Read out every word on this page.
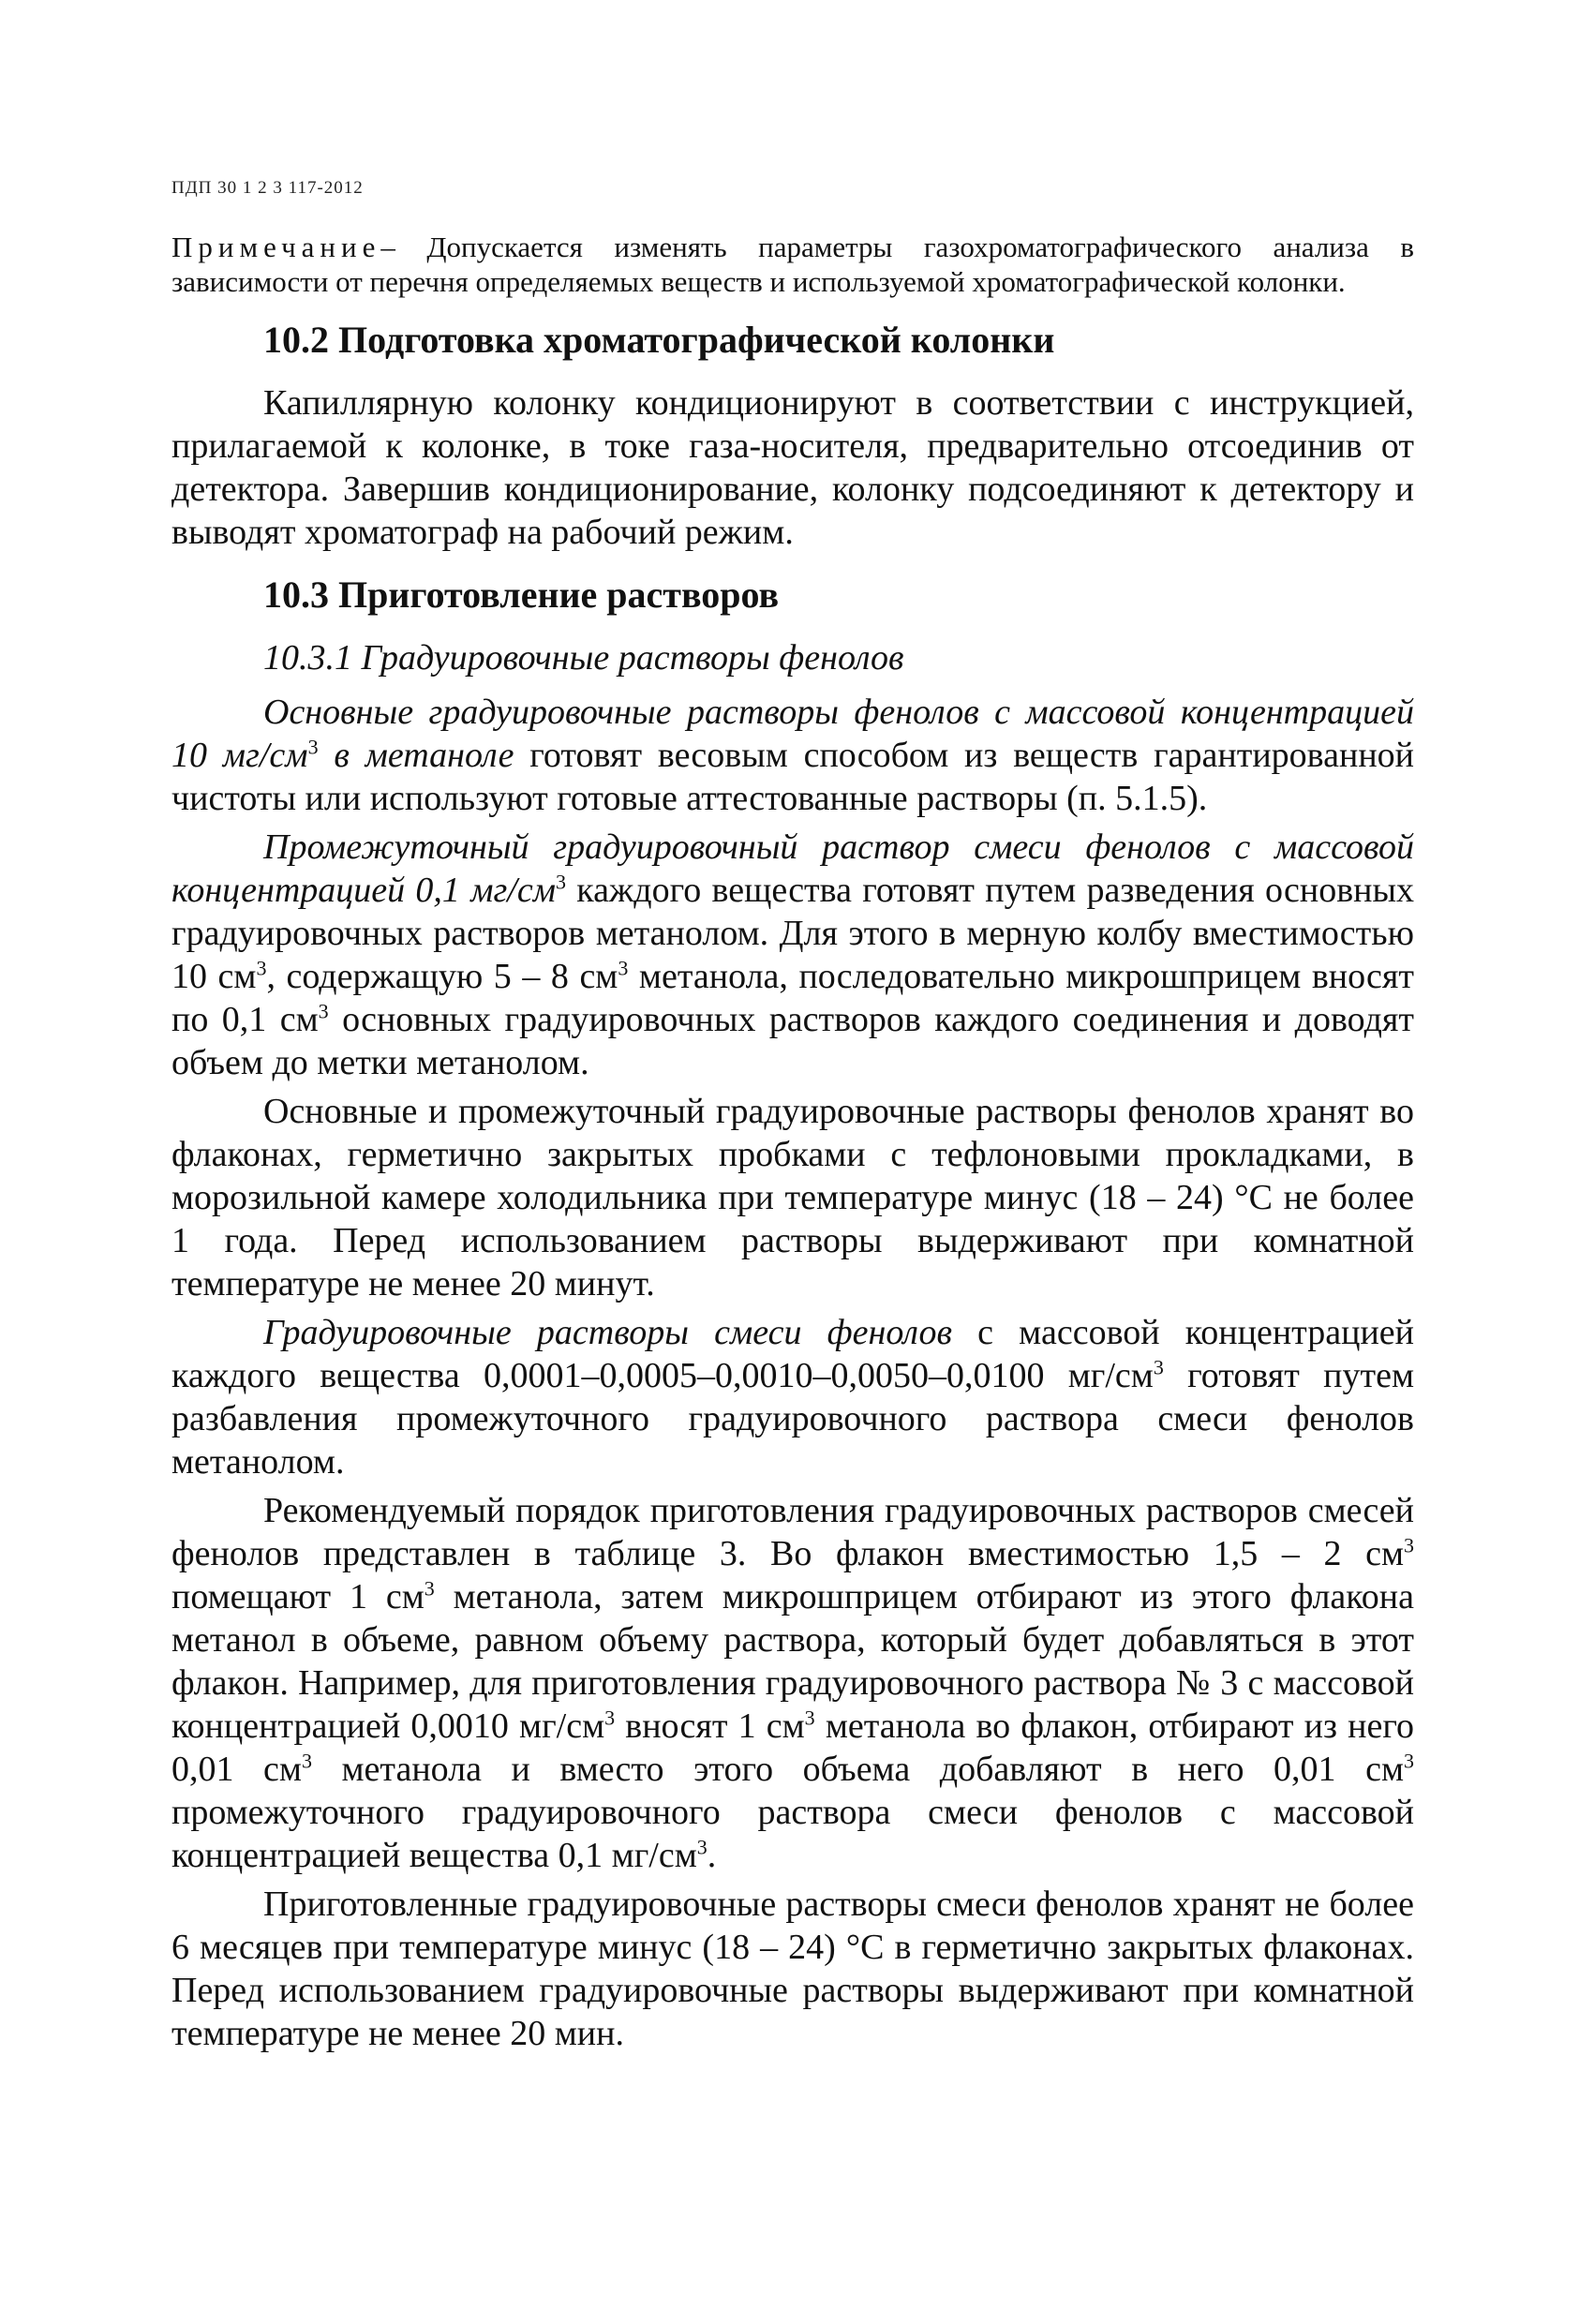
ПДП 30 1 2 3 117-2012

Примечание– Допускается изменять параметры газохроматографического анализа в зависимости от перечня определяемых веществ и используемой хроматографической колонки.

10.2 Подготовка хроматографической колонки

Капиллярную колонку кондиционируют в соответствии с инструкцией, прилагаемой к колонке, в токе газа-носителя, предварительно отсоединив от детектора. Завершив кондиционирование, колонку подсоединяют к детектору и выводят хроматограф на рабочий режим.

10.3 Приготовление растворов
10.3.1 Градуировочные растворы фенолов

Основные градуировочные растворы фенолов с массовой концентрацией 10 $мг/см^3$ в метаноле готовят весовым способом из веществ гарантированной чистоты или используют готовые аттестованные растворы (п. 5.1.5).

Промежуточный градуировочный раствор смеси фенолов с массовой концентрацией 0,1 $мг/см^3$ каждого вещества готовят путем разведения основных градуировочных растворов метанолом. Для этого в мерную колбу вместимостью 10 $см^3$, содержащую 5 – 8 $см^3$ метанола, последовательно микрошприцем вносят по 0,1 $см^3$ основных градуировочных растворов каждого соединения и доводят объем до метки метанолом.

Основные и промежуточный градуировочные растворы фенолов хранят во флаконах, герметично закрытых пробками с тефлоновыми прокладками, в морозильной камере холодильника при температуре минус (18 – 24) °C не более 1 года. Перед использованием растворы выдерживают при комнатной температуре не менее 20 минут.

Градуировочные растворы смеси фенолов с массовой концентрацией каждого вещества 0,0001–0,0005–0,0010–0,0050–0,0100 $мг/см^3$ готовят путем разбавления промежуточного градуировочного раствора смеси фенолов метанолом.

Рекомендуемый порядок приготовления градуировочных растворов смесей фенолов представлен в таблице 3. Во флакон вместимостью 1,5 – 2 $см^3$ помещают 1 $см^3$ метанола, затем микрошприцем отбирают из этого флакона метанол в объеме, равном объему раствора, который будет добавляться в этот флакон. Например, для приготовления градуировочного раствора № 3 с массовой концентрацией 0,0010 $мг/см^3$ вносят 1 $см^3$ метанола во флакон, отбирают из него 0,01 $см^3$ метанола и вместо этого объема добавляют в него 0,01 $см^3$ промежуточного градуировочного раствора смеси фенолов с массовой концентрацией вещества 0,1 $мг/см^3$.

Приготовленные градуировочные растворы смеси фенолов хранят не более 6 месяцев при температуре минус (18 – 24) °C в герметично закрытых флаконах. Перед использованием градуировочные растворы выдерживают при комнатной температуре не менее 20 мин.
